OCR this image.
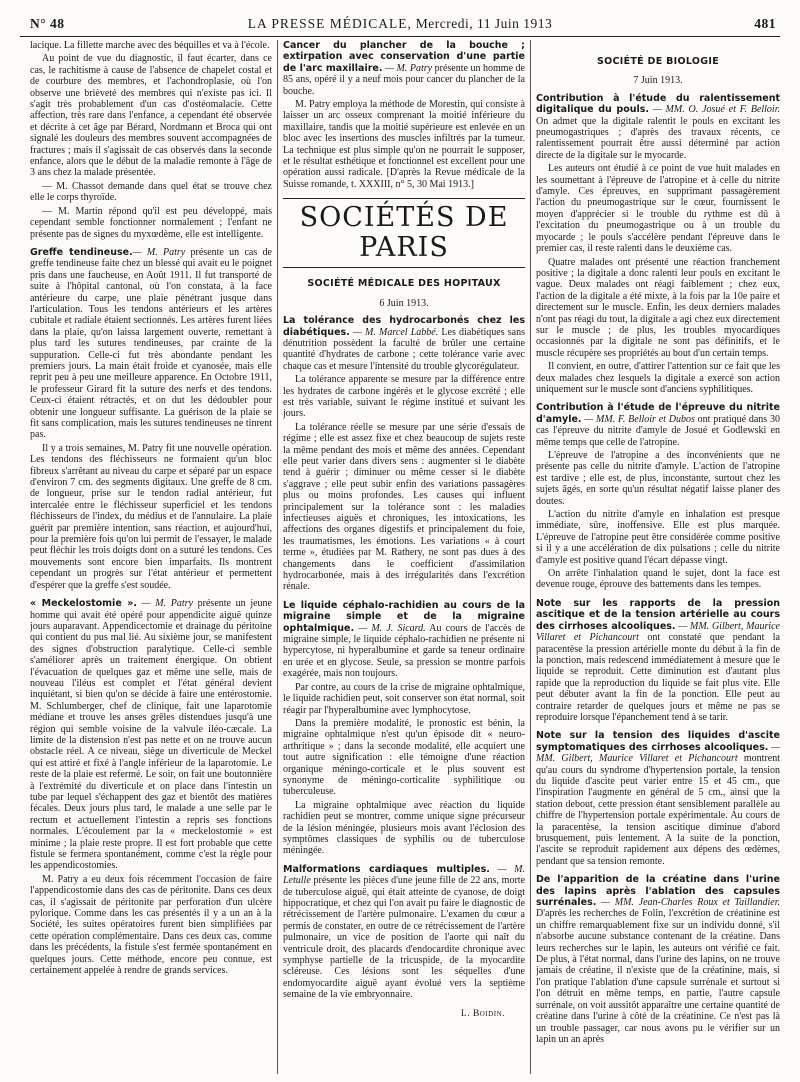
N° 48	LA PRESSE MÉDICALE, Mercredi, 11 Juin 1913	481

lacique. La fillette marche avec des béquilles et va à l'école.

Au point de vue du diagnostic, il faut écarter, dans ce cas, le rachitisme à cause de l'absence de chapelet costal et de courbure des membres, et l'achondroplasie, où l'on observe une brièveté des membres qui n'existe pas ici. Il s'agit très probablement d'un cas d'ostéomalacie. Cette affection, très rare dans l'enfance, a cependant été observée et décrite à cet âge par Bérard, Nordmann et Broca qui ont signalé les douleurs des membres souvent accompagnées de fractures ; mais il s'agissait de cas observés dans la seconde enfance, alors que le début de la maladie remonte à l'âge de 3 ans chez la malade présentée.

— M. Chassot demande dans quel état se trouve chez elle le corps thyroïde.

— M. Martin répond qu'il est peu développé, mais cependant semble fonctionner normalement ; l'enfant ne présente pas de signes du myxœdème, elle est intelligente.

Greffe tendineuse.— M. Patry présente un cas de greffe tendineuse faite chez un blessé qui avait eu le poignet pris dans une faucheuse, en Août 1911. Il fut transporté de suite à l'hôpital cantonal, où l'on constata, à la face antérieure du carpe, une plaie pénétrant jusque dans l'articulation. Tous les tendons antérieurs et les artères cubitale et radiale étaient sectionnés. Les artères furent liées dans la plaie, qu'on laissa largement ouverte, remettant à plus tard les sutures tendineuses, par crainte de la suppuration. Celle-ci fut très abondante pendant les premiers jours. La main était froide et cyanosée, mais elle reprit peu à peu une meilleure apparence. En Octobre 1911, le professeur Girard fit la suture des nerfs et des tendons. Ceux-ci étaient rétractés, et on dut les dédoubler pour obtenir une longueur suffisante. La guérison de la plaie se fit sans complication, mais les sutures tendineuses ne tinrent pas.

Il y a trois semaines, M. Patry fit une nouvelle opération. Les tendons des fléchisseurs ne formaient qu'un bloc fibreux s'arrêtant au niveau du carpe et séparé par un espace d'environ 7 cm. des segments digitaux. Une greffe de 8 cm. de longueur, prise sur le tendon radial antérieur, fut intercalée entre le fléchisseur superficiel et les tendons fléchisseurs de l'index, du médius et de l'annulaire. La plaie guérit par première intention, sans réaction, et aujourd'hui, pour la première fois qu'on lui permit de l'essayer, le malade peut fléchir les trois doigts dont on a suturé les tendons. Ces mouvements sont encore bien imparfaits. Ils montrent cependant un progrès sur l'état antérieur et permettent d'espérer que la greffe s'est soudée.

« Meckelostomie ». — M. Patry présente un jeune homme qui avait été opéré pour appendicite aiguë quinze jours auparavant. Appendicectomie et drainage du péritoine qui contient du pus mal lié. Au sixième jour, se manifestent des signes d'obstruction paralytique. Celle-ci semble s'améliorer après un traitement énergique. On obtient l'évacuation de quelques gaz et même une selle, mais de nouveau l'iléus est complet et l'état général devient inquiétant, si bien qu'on se décide à faire une entérostomie. M. Schlumberger, chef de clinique, fait une laparotomie médiane et trouve les anses grêles distendues jusqu'à une région qui semble voisine de la valvule iléo-cæcale. La limite de la distension n'est pas nette et on ne trouve aucun obstacle réel. A ce niveau, siège un diverticule de Meckel qui est attiré et fixé à l'angle inférieur de la laparotomie. Le reste de la plaie est refermé. Le soir, on fait une boutonnière à l'extrémité du diverticule et on place dans l'intestin un tube par lequel s'échappent des gaz et bientôt des matières fécales. Deux jours plus tard, le malade a une selle par le rectum et actuellement l'intestin a repris ses fonctions normales. L'écoulement par la « meckelostomie » est minime ; la plaie reste propre. Il est fort probable que cette fistule se fermera spontanément, comme c'est la règle pour les appendicostomies.

M. Patry a eu deux fois récemment l'occasion de faire l'appendicostomie dans des cas de péritonite. Dans ces deux cas, il s'agissait de péritonite par perforation d'un ulcère pylorique. Comme dans les cas présentés il y a un an à la Société, les suites opératoires furent bien simplifiées par cette opération complémentaire. Dans ces deux cas, comme dans les précédents, la fistule s'est fermée spontanément en quelques jours. Cette méthode, encore peu connue, est certainement appelée à rendre de grands services.

Cancer du plancher de la bouche ; extirpation avec conservation d'une partie de l'arc maxillaire. — M. Patry présente un homme de 85 ans, opéré il y a neuf mois pour cancer du plancher de la bouche.

M. Patry employa la méthode de Morestin, qui consiste à laisser un arc osseux comprenant la moitié inférieure du maxillaire, tandis que la moitié supérieure est enlevée en un bloc avec les insertions des muscles infiltrés par la tumeur. La technique est plus simple qu'on ne pourrait le supposer, et le résultat esthétique et fonctionnel est excellent pour une opération aussi radicale. [D'après la Revue médicale de la Suisse romande, t. XXXIII, n° 5, 30 Mai 1913.]

SOCIÉTÉS DE PARIS
SOCIÉTÉ MÉDICALE DES HOPITAUX
6 Juin 1913.

La tolérance des hydrocarbonés chez les diabétiques. — M. Marcel Labbé. Les diabétiques sans dénutrition possèdent la faculté de brûler une certaine quantité d'hydrates de carbone ; cette tolérance varie avec chaque cas et mesure l'intensité du trouble glycorégulateur.

La tolérance apparente se mesure par la différence entre les hydrates de carbone ingérés et le glycose excrété ; elle est très variable, suivant le régime institué et suivant les jours.

La tolérance réelle se mesure par une série d'essais de régime ; elle est assez fixe et chez beaucoup de sujets reste la même pendant des mois et même des années. Cependant elle peut varier dans divers sens : augmenter si le diabète tend à guérir ; diminuer ou même cesser si le diabète s'aggrave ; elle peut subir enfin des variations passagères plus ou moins profondes. Les causes qui influent principalement sur la tolérance sont : les maladies infectieuses aiguës et chroniques, les intoxications, les affections des organes digestifs et principalement du foie, les traumatismes, les émotions. Les variations « à court terme », étudiées par M. Rathery, ne sont pas dues à des changements dans le coefficient d'assimilation hydrocarbonée, mais à des irrégularités dans l'excrétion rénale.

Le liquide céphalo-rachidien au cours de la migraine simple et de la migraine ophtalmique. — M. J. Sicard. Au cours de l'accès de migraine simple, le liquide céphalo-rachidien ne présente ni hypercytose, ni hyperalbumine et garde sa teneur ordinaire en urée et en glycose. Seule, sa pression se montre parfois exagérée, mais non toujours.

Par contre, au cours de la crise de migraine ophtalmique, le liquide rachidien peut, soit conserver son état normal, soit réagir par l'hyperalbumine avec lymphocytose.

Dans la première modalité, le pronostic est bénin, la migraine ophtalmique n'est qu'un épisode dit « neuro-arthritique » ; dans la seconde modalité, elle acquiert une tout autre signification : elle témoigne d'une réaction organique méningo-corticale et le plus souvent est synonyme de méningo-corticalite syphilitique ou tuberculeuse.

La migraine ophtalmique avec réaction du liquide rachidien peut se montrer, comme unique signe précurseur de la lésion méningée, plusieurs mois avant l'éclosion des symptômes classiques de syphilis ou de tuberculose méningée.

Malformations cardiaques multiples. — M. Letulle présente les pièces d'une jeune fille de 22 ans, morte de tuberculose aiguë, qui était atteinte de cyanose, de doigt hippocratique, et chez qui l'on avait pu faire le diagnostic de rétrécissement de l'artère pulmonaire. L'examen du cœur a permis de constater, en outre de ce rétrécissement de l'artère pulmonaire, un vice de position de l'aorte qui naît du ventricule droit, des placards d'endocardite chronique avec symphyse partielle de la tricuspide, de la myocardite scléreuse. Ces lésions sont les séquelles d'une endomyocardite aiguë ayant évolué vers la septième semaine de la vie embryonnaire.

L. Boidin.
SOCIÉTÉ DE BIOLOGIE
7 Juin 1913.

Contribution à l'étude du ralentissement digitalique du pouls. — MM. O. Josué et F. Belloir. On admet que la digitale ralentit le pouls en excitant les pneumogastriques ; d'après des travaux récents, ce ralentissement pourrait être aussi déterminé par action directe de la digitale sur le myocarde.

Les auteurs ont étudié à ce point de vue huit malades en les soumettant à l'épreuve de l'atropine et à celle du nitrite d'amyle. Ces épreuves, en supprimant passagèrement l'action du pneumogastrique sur le cœur, fournissent le moyen d'apprécier si le trouble du rythme est dû à l'excitation du pneumogastrique ou à un trouble du myocarde ; le pouls s'accélère pendant l'épreuve dans le premier cas, il reste ralenti dans le deuxième cas.

Quatre malades ont présenté une réaction franchement positive ; la digitale a donc ralenti leur pouls en excitant le vague. Deux malades ont réagi faiblement ; chez eux, l'action de la digitale a été mixte, à la fois par la 10e paire et directement sur le muscle. Enfin, les deux derniers malades n'ont pas réagi du tout, la digitale a agi chez eux directement sur le muscle ; de plus, les troubles myocardiques occasionnés par la digitale ne sont pas définitifs, et le muscle récupère ses propriétés au bout d'un certain temps.

Il convient, en outre, d'attirer l'attention sur ce fait que les deux malades chez lesquels la digitale a exercé son action uniquement sur le muscle sont d'anciens syphilitiques.

Contribution à l'étude de l'épreuve du nitrite d'amyle. — MM. F. Belloir et Dubos ont pratiqué dans 30 cas l'épreuve du nitrite d'amyle de Josué et Godlewski en même temps que celle de l'atropine.

L'épreuve de l'atropine a des inconvénients que ne présente pas celle du nitrite d'amyle. L'action de l'atropine est tardive ; elle est, de plus, inconstante, surtout chez les sujets âgés, en sorte qu'un résultat négatif laisse planer des doutes.

L'action du nitrite d'amyle en inhalation est presque immédiate, sûre, inoffensive. Elle est plus marquée. L'épreuve de l'atropine peut être considérée comme positive si il y a une accélération de dix pulsations ; celle du nitrite d'amyle est positive quand l'écart dépasse vingt.

On arrête l'inhalation quand le sujet, dont la face est devenue rouge, éprouve des battements dans les tempes.

Note sur les rapports de la pression ascitique et de la tension artérielle au cours des cirrhoses alcooliques. — MM. Gilbert, Maurice Villaret et Pichancourt ont constaté que pendant la paracentèse la pression artérielle monte du début à la fin de la ponction, mais redescend immédiatement à mesure que le liquide se reproduit. Cette diminution est d'autant plus rapide que la reproduction du liquide se fait plus vite. Elle peut débuter avant la fin de la ponction. Elle peut au contraire retarder de quelques jours et même ne pas se reproduire lorsque l'épanchement tend à se tarir.

Note sur la tension des liquides d'ascite symptomatiques des cirrhoses alcooliques. — MM. Gilbert, Maurice Villaret et Pichancourt montrent qu'au cours du syndrome d'hypertension portale, la tension du liquide d'ascite peut varier entre 15 et 45 cm., que l'inspiration l'augmente en général de 5 cm., ainsi que la station debout, cette pression étant sensiblement parallèle au chiffre de l'hypertension portale expérimentale. Au cours de la paracentèse, la tension ascitique diminue d'abord brusquement, puis lentement. A la suite de la ponction, l'ascite se reproduit rapidement aux dépens des œdèmes, pendant que sa tension remonte.

De l'apparition de la créatine dans l'urine des lapins après l'ablation des capsules surrénales. — MM. Jean-Charles Roux et Taillandier. D'après les recherches de Folin, l'excrétion de créatinine est un chiffre remarquablement fixe sur un individu donné, s'il n'absorbe aucune substance contenant de la créatine. Dans leurs recherches sur le lapin, les auteurs ont vérifié ce fait. De plus, à l'état normal, dans l'urine des lapins, on ne trouve jamais de créatine, il n'existe que de la créatinine, mais, si l'on pratique l'ablation d'une capsule surrénale et surtout si l'on détruit en même temps, en partie, l'autre capsule surrénale, on voit aussitôt apparaître une certaine quantité de créatine dans l'urine à côté de la créatinine. Ce n'est pas là un trouble passager, car nous avons pu le vérifier sur un lapin un an après
